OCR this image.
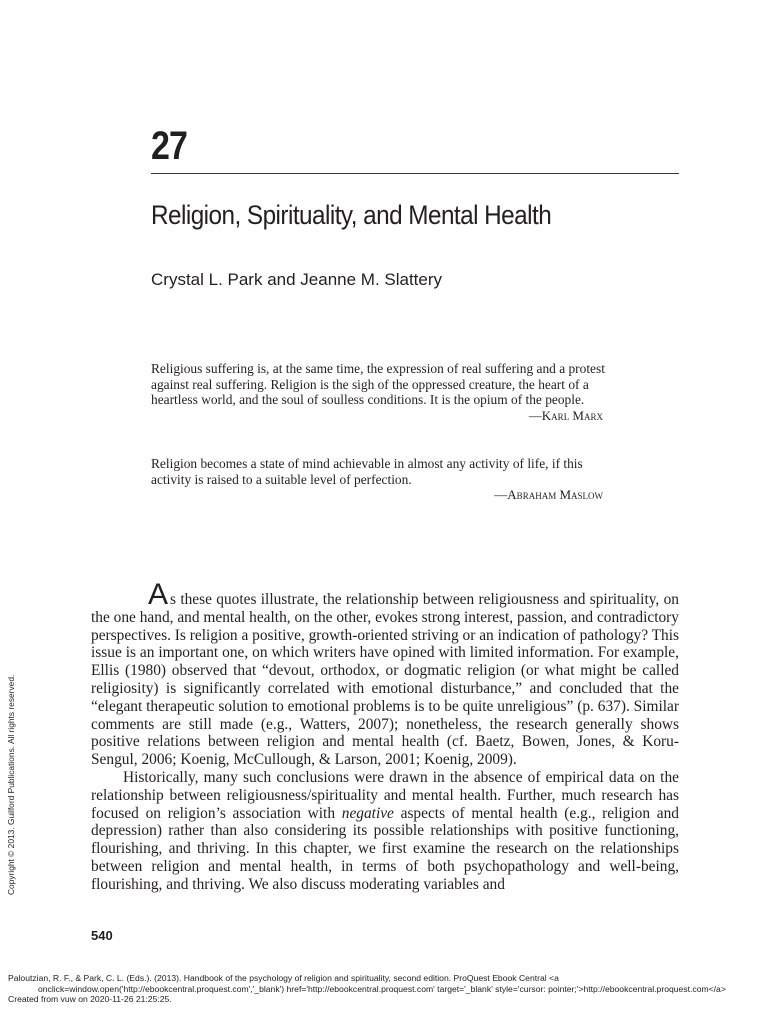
27
Religion, Spirituality, and Mental Health
Crystal L. Park and Jeanne M. Slattery

Religious suffering is, at the same time, the expression of real suffering and a protest against real suffering. Religion is the sigh of the oppressed creature, the heart of a heartless world, and the soul of soulless conditions. It is the opium of the people.

—Karl Marx

Religion becomes a state of mind achievable in almost any activity of life, if this activity is raised to a suitable level of perfection.

—Abraham Maslow

As these quotes illustrate, the relationship between religiousness and spirituality, on the one hand, and mental health, on the other, evokes strong interest, passion, and contradictory perspectives. Is religion a positive, growth-oriented striving or an indication of pathology? This issue is an important one, on which writers have opined with limited information. For example, Ellis (1980) observed that “devout, orthodox, or dogmatic religion (or what might be called religiosity) is significantly correlated with emotional disturbance,” and concluded that the “elegant therapeutic solution to emotional problems is to be quite unreligious” (p. 637). Similar comments are still made (e.g., Watters, 2007); nonetheless, the research generally shows positive relations between religion and mental health (cf. Baetz, Bowen, Jones, & Koru-Sengul, 2006; Koenig, McCullough, & Larson, 2001; Koenig, 2009).

Historically, many such conclusions were drawn in the absence of empirical data on the relationship between religiousness/spirituality and mental health. Further, much research has focused on religion’s association with negative aspects of mental health (e.g., religion and depression) rather than also considering its possible relationships with positive functioning, flourishing, and thriving. In this chapter, we first examine the research on the relationships between religion and mental health, in terms of both psychopathology and well-being, flourishing, and thriving. We also discuss moderating variables and

540
Copyright © 2013. Guilford Publications. All rights reserved.
Paloutzian, R. F., & Park, C. L. (Eds.). (2013). Handbook of the psychology of religion and spirituality, second edition. ProQuest Ebook Central <a
onclick=window.open('http://ebookcentral.proquest.com','_blank') href='http://ebookcentral.proquest.com' target='_blank' style='cursor: pointer;'>http://ebookcentral.proquest.com</a>
Created from vuw on 2020-11-26 21:25:25.
